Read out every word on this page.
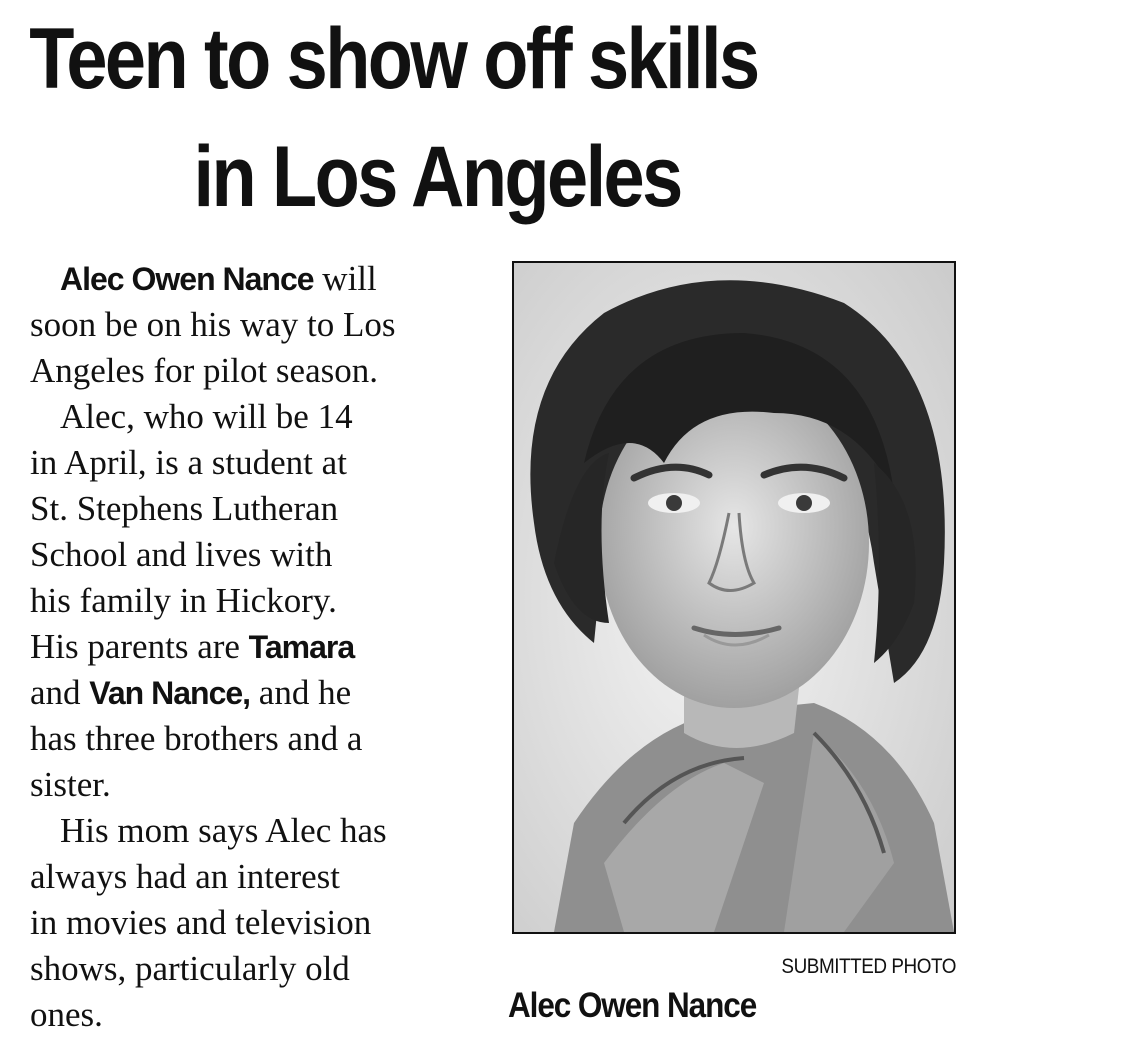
Teen to show off skills
in Los Angeles

Alec Owen Nance will
soon be on his way to Los
Angeles for pilot season.

Alec, who will be 14
in April, is a student at
St. Stephens Lutheran
School and lives with
his family in Hickory.
His parents are Tamara
and Van Nance, and he
has three brothers and a
sister.

His mom says Alec has
always had an interest
in movies and television
shows, particularly old
ones.

SUBMITTED PHOTO
Alec Owen Nance
